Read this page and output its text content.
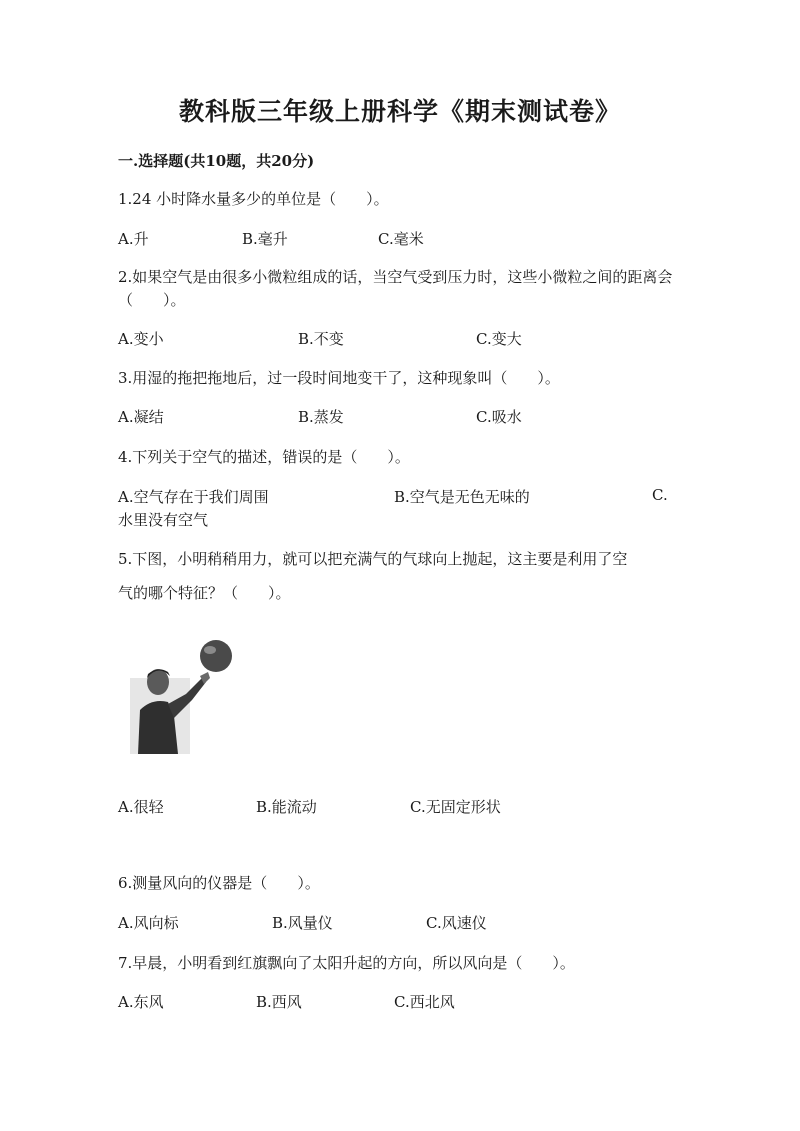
教科版三年级上册科学《期末测试卷》
一.选择题(共10题，共20分)
1.24 小时降水量多少的单位是（　　）。
A.升	B.毫升	C.毫米
2.如果空气是由很多小微粒组成的话，当空气受到压力时，这些小微粒之间的距离会（　　）。
A.变小	B.不变	C.变大
3.用湿的拖把拖地后，过一段时间地变干了，这种现象叫（　　）。
A.凝结	B.蒸发	C.吸水
4.下列关于空气的描述，错误的是（　　）。
A.空气存在于我们周围	B.空气是无色无味的	C.
水里没有空气
5.下图，小明稍稍用力，就可以把充满气的气球向上抛起，这主要是利用了空
气的哪个特征？（　　）。
A.很轻	B.能流动	C.无固定形状
6.测量风向的仪器是（　　）。
A.风向标	B.风量仪	C.风速仪
7.早晨，小明看到红旗飘向了太阳升起的方向，所以风向是（　　）。
A.东风	B.西风	C.西北风
